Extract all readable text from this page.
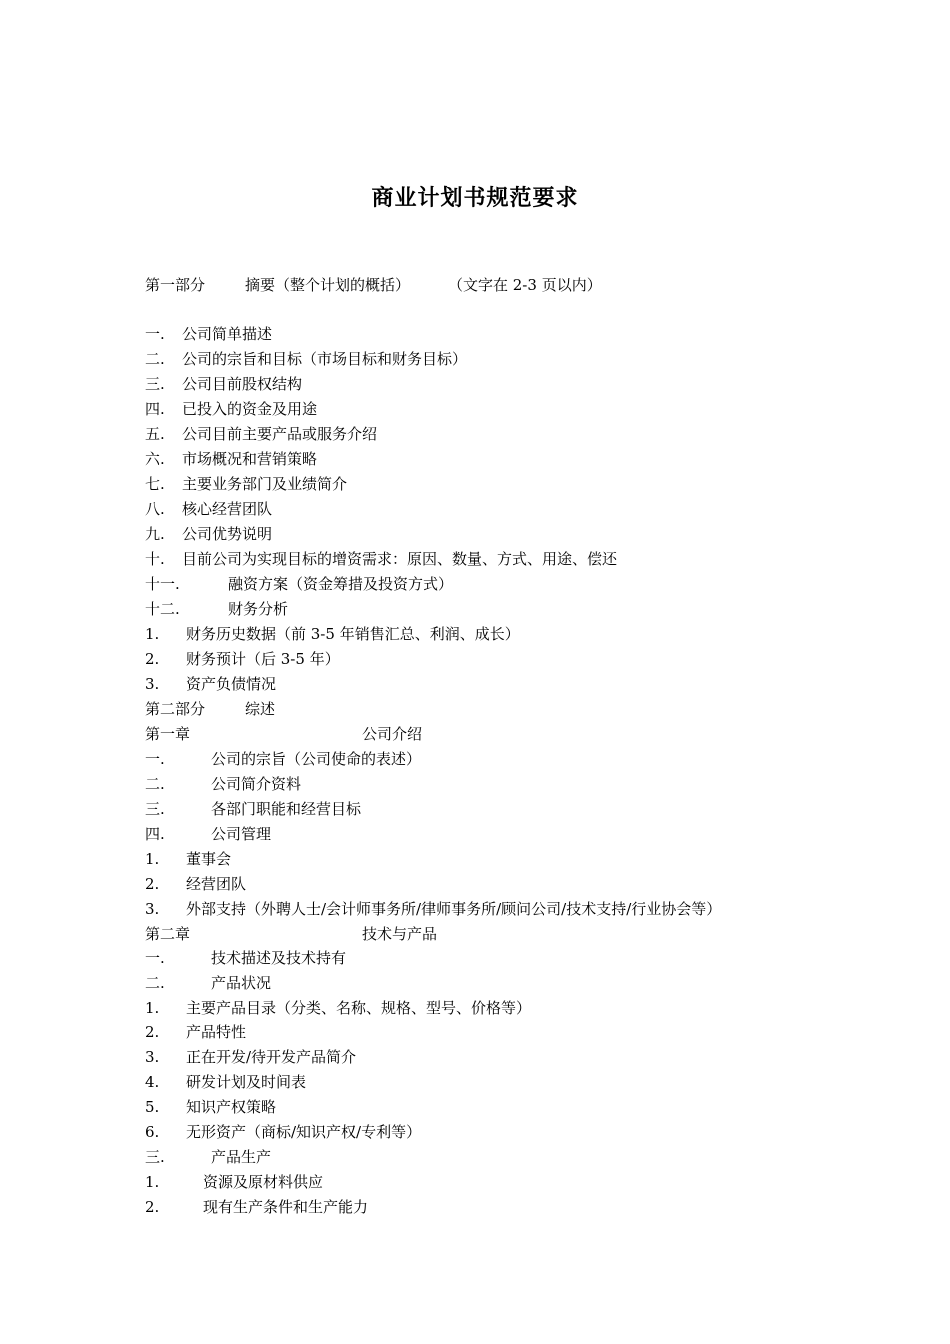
商业计划书规范要求
第一部分	摘要（整个计划的概括）	（文字在 2-3 页以内）
一. 公司简单描述
二. 公司的宗旨和目标（市场目标和财务目标）
三. 公司目前股权结构
四. 已投入的资金及用途
五. 公司目前主要产品或服务介绍
六. 市场概况和营销策略
七. 主要业务部门及业绩简介
八. 核心经营团队
九. 公司优势说明
十. 目前公司为实现目标的增资需求：原因、数量、方式、用途、偿还
十一.	融资方案（资金筹措及投资方式）
十二.	财务分析
1. 财务历史数据（前 3-5 年销售汇总、利润、成长）
2. 财务预计（后 3-5 年）
3. 资产负债情况
第二部分	综述
第一章	公司介绍
一.	公司的宗旨（公司使命的表述）
二.	公司简介资料
三.	各部门职能和经营目标
四.	公司管理
1. 董事会
2. 经营团队
3. 外部支持（外聘人士/会计师事务所/律师事务所/顾问公司/技术支持/行业协会等）
第二章	技术与产品
一.	技术描述及技术持有
二.	产品状况
1. 主要产品目录（分类、名称、规格、型号、价格等）
2. 产品特性
3. 正在开发/待开发产品简介
4. 研发计划及时间表
5. 知识产权策略
6. 无形资产（商标/知识产权/专利等）
三.	产品生产
1.	资源及原材料供应
2.	现有生产条件和生产能力
